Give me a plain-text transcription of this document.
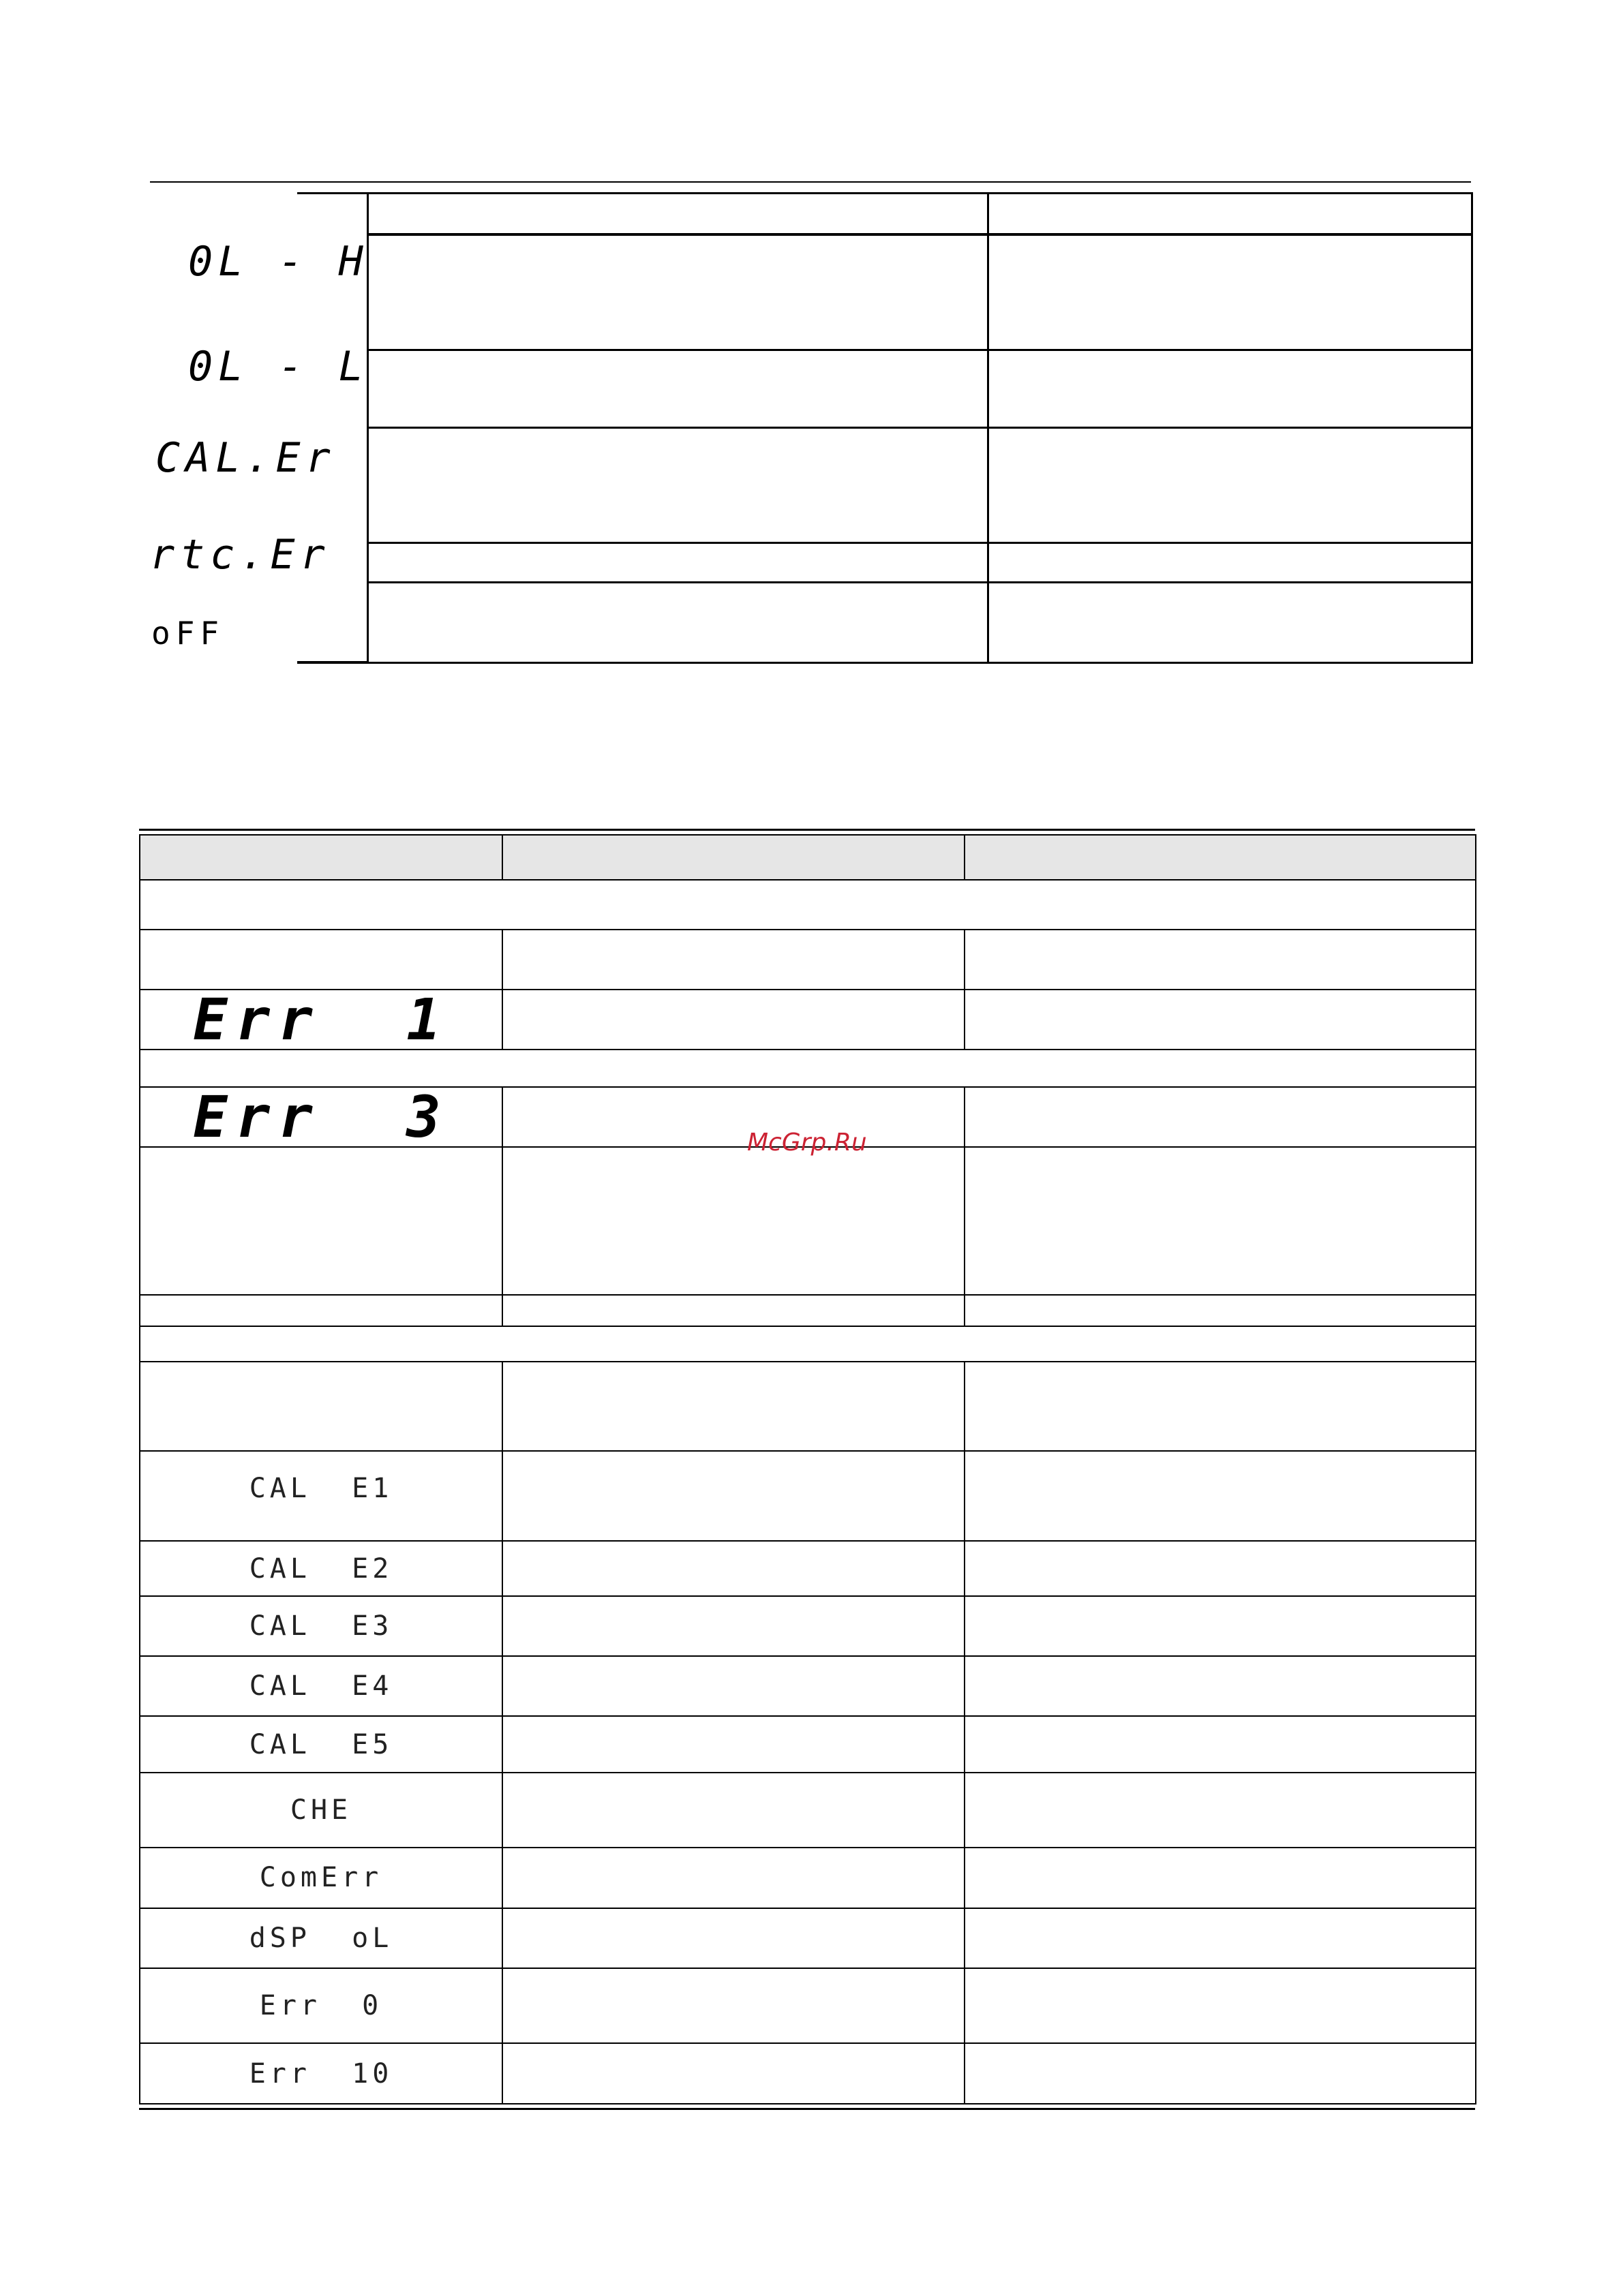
0L - H
0L - L
CAL.Er
rtc.Er
oFF

Err  1		

Err  3		

CAL  E1		
CAL  E2		
CAL  E3		
CAL  E4		
CAL  E5		
CHE		
ComErr		
dSP  oL		
Err  0		
Err  10		
McGrp.Ru
